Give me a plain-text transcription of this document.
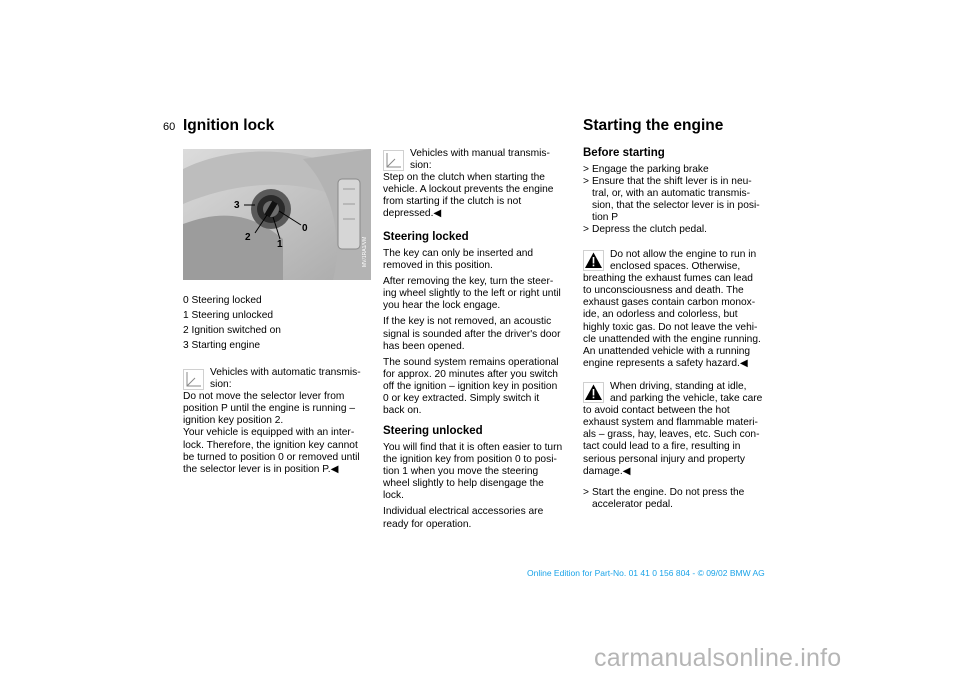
60 Ignition lock
3
2
1
0
MV/1RA1/VM
0 Steering locked
1 Steering unlocked
2 Ignition switched on
3 Starting engine
Vehicles with automatic transmis-
sion:
Do not move the selector lever from
position P until the engine is running –
ignition key position 2.
Your vehicle is equipped with an inter-
lock. Therefore, the ignition key cannot
be turned to position 0 or removed until
the selector lever is in position P.◀
Vehicles with manual transmis-
sion:
Step on the clutch when starting the
vehicle. A lockout prevents the engine
from starting if the clutch is not
depressed.◀
Steering locked

The key can only be inserted and
removed in this position.

After removing the key, turn the steer-
ing wheel slightly to the left or right until
you hear the lock engage.

If the key is not removed, an acoustic
signal is sounded after the driver's door
has been opened.

The sound system remains operational
for approx. 20 minutes after you switch
off the ignition – ignition key in position
0 or key extracted. Simply switch it
back on.

Steering unlocked

You will find that it is often easier to turn
the ignition key from position 0 to posi-
tion 1 when you move the steering
wheel slightly to help disengage the
lock.

Individual electrical accessories are
ready for operation.

Starting the engine
Before starting
> Engage the parking brake
> Ensure that the shift lever is in neu-
tral, or, with an automatic transmis-
sion, that the selector lever is in posi-
tion P
> Depress the clutch pedal.
Do not allow the engine to run in
enclosed spaces. Otherwise,
breathing the exhaust fumes can lead
to unconsciousness and death. The
exhaust gases contain carbon monox-
ide, an odorless and colorless, but
highly toxic gas. Do not leave the vehi-
cle unattended with the engine running.
An unattended vehicle with a running
engine represents a safety hazard.◀
When driving, standing at idle,
and parking the vehicle, take care
to avoid contact between the hot
exhaust system and flammable materi-
als – grass, hay, leaves, etc. Such con-
tact could lead to a fire, resulting in
serious personal injury and property
damage.◀
> Start the engine. Do not press the
accelerator pedal.
Online Edition for Part-No. 01 41 0 156 804 - © 09/02 BMW AG
carmanualsonline.info
